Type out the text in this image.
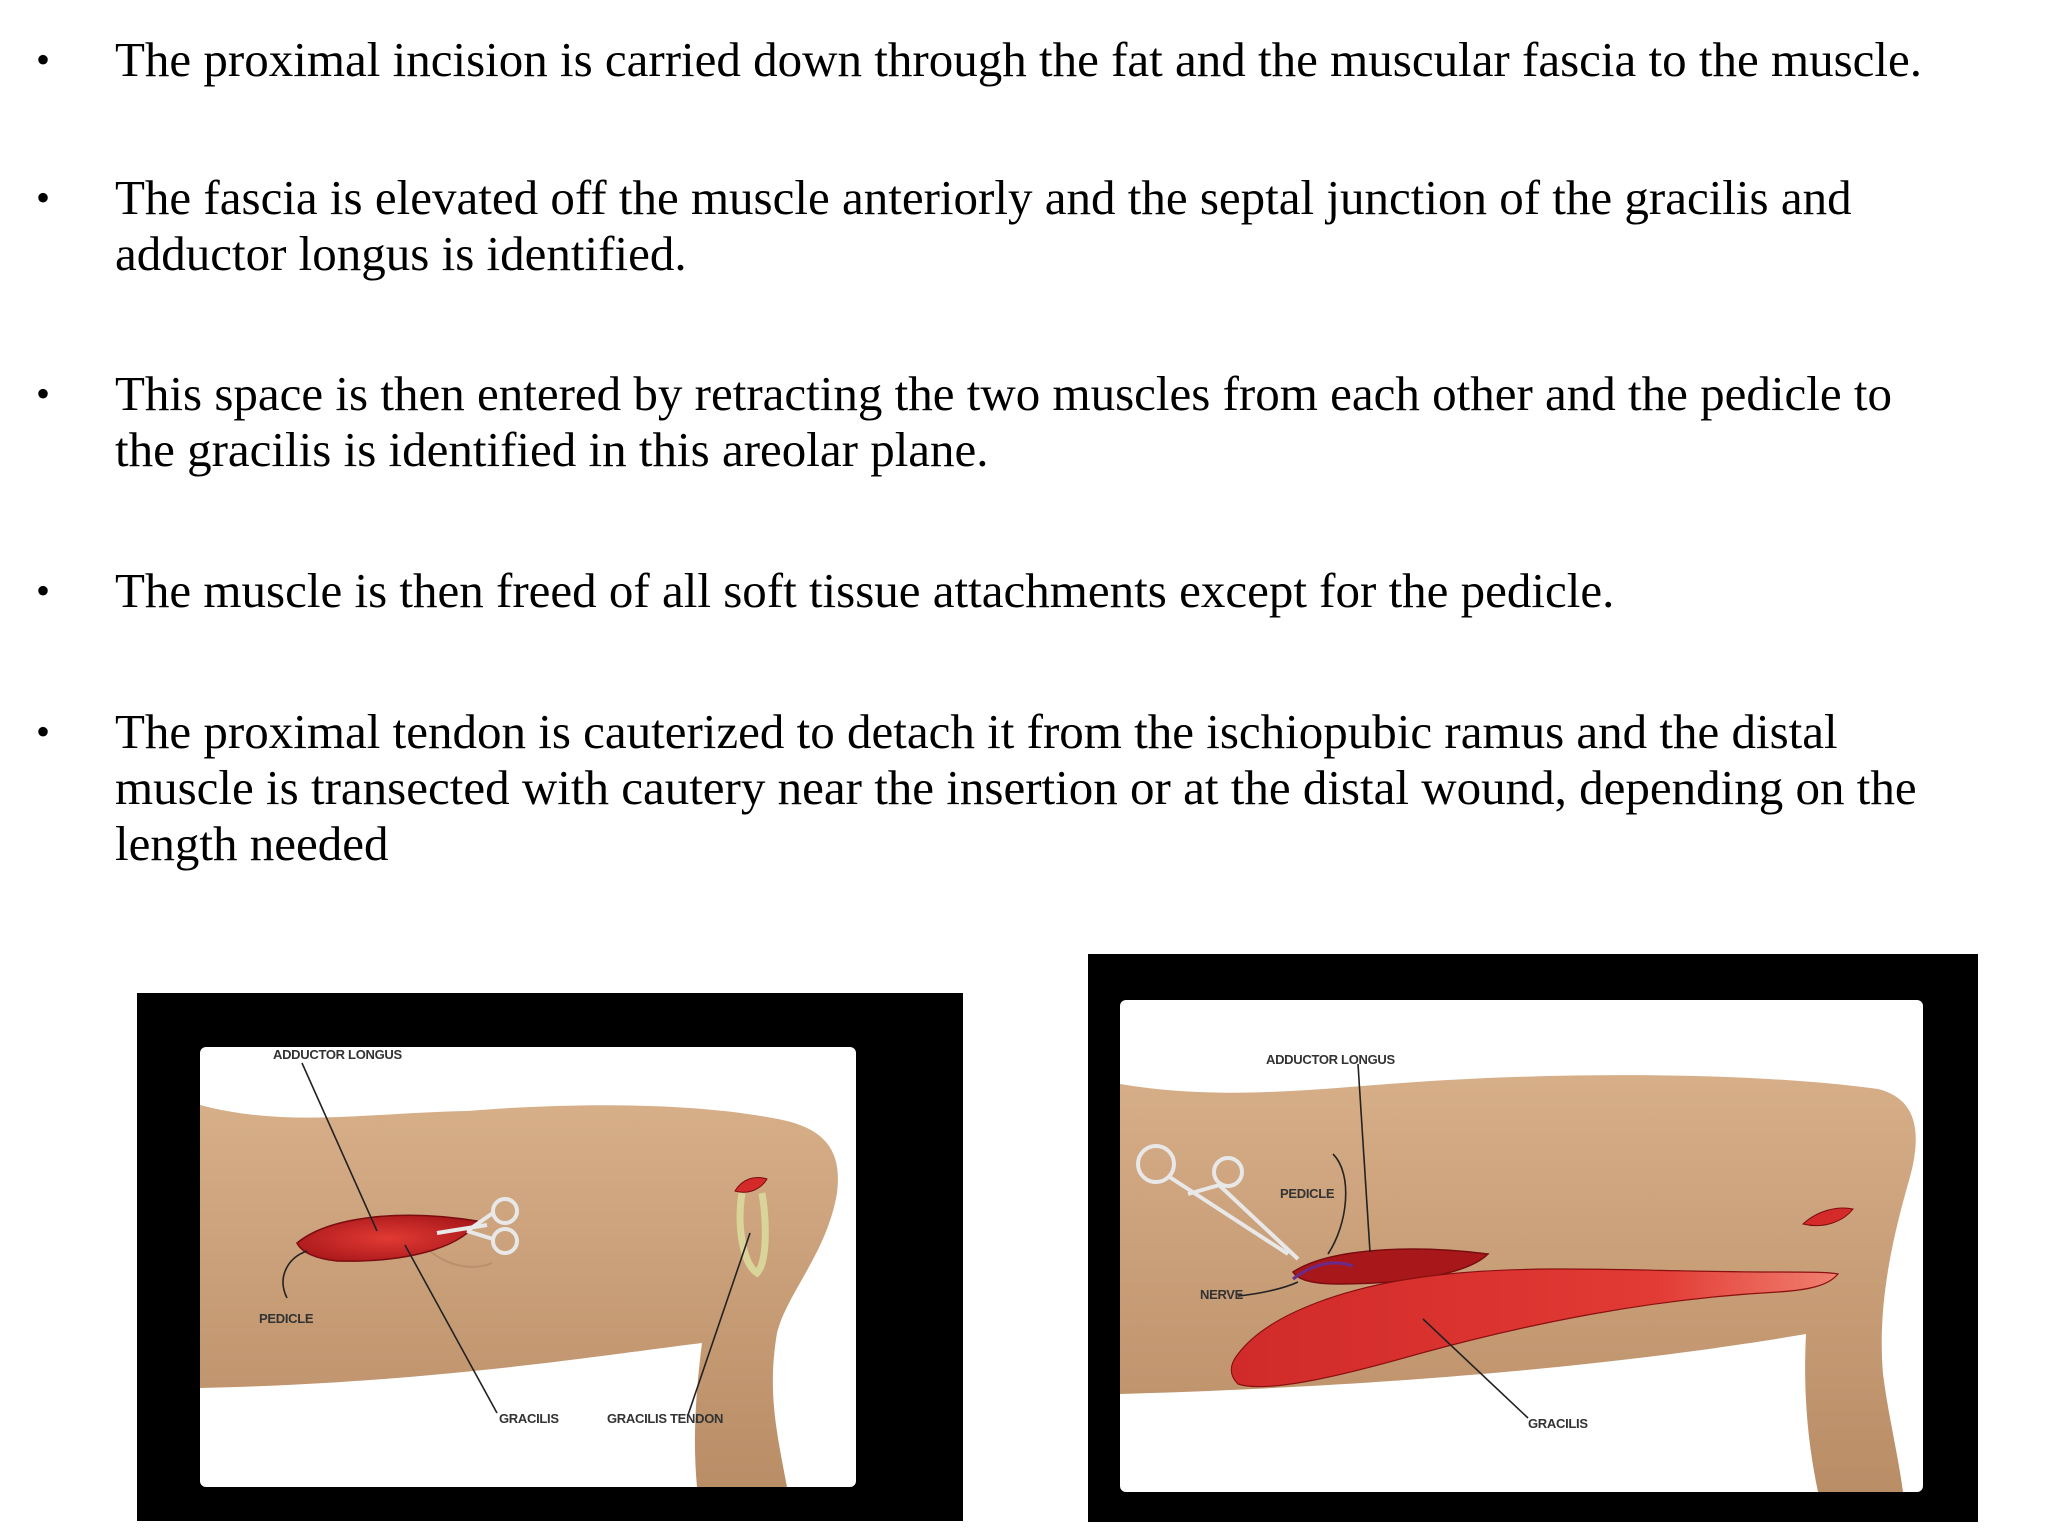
• The proximal incision is carried down through the fat and the muscular fascia to the muscle.
• The fascia is elevated off the muscle anteriorly and the septal junction of the gracilis and
adductor longus is identified.
• This space is then entered by retracting the two muscles from each other and the pedicle to
the gracilis is identified in this areolar plane.
• The muscle is then freed of all soft tissue attachments except for the pedicle.
• The proximal tendon is cauterized to detach it from the ischiopubic ramus and the distal
muscle is transected with cautery near the insertion or at the distal wound, depending on the
length needed
ADDUCTOR LONGUS
PEDICLE
GRACILIS	GRACILIS TENDON
ADDUCTOR LONGUS
PEDICLE
NERVE
GRACILIS
